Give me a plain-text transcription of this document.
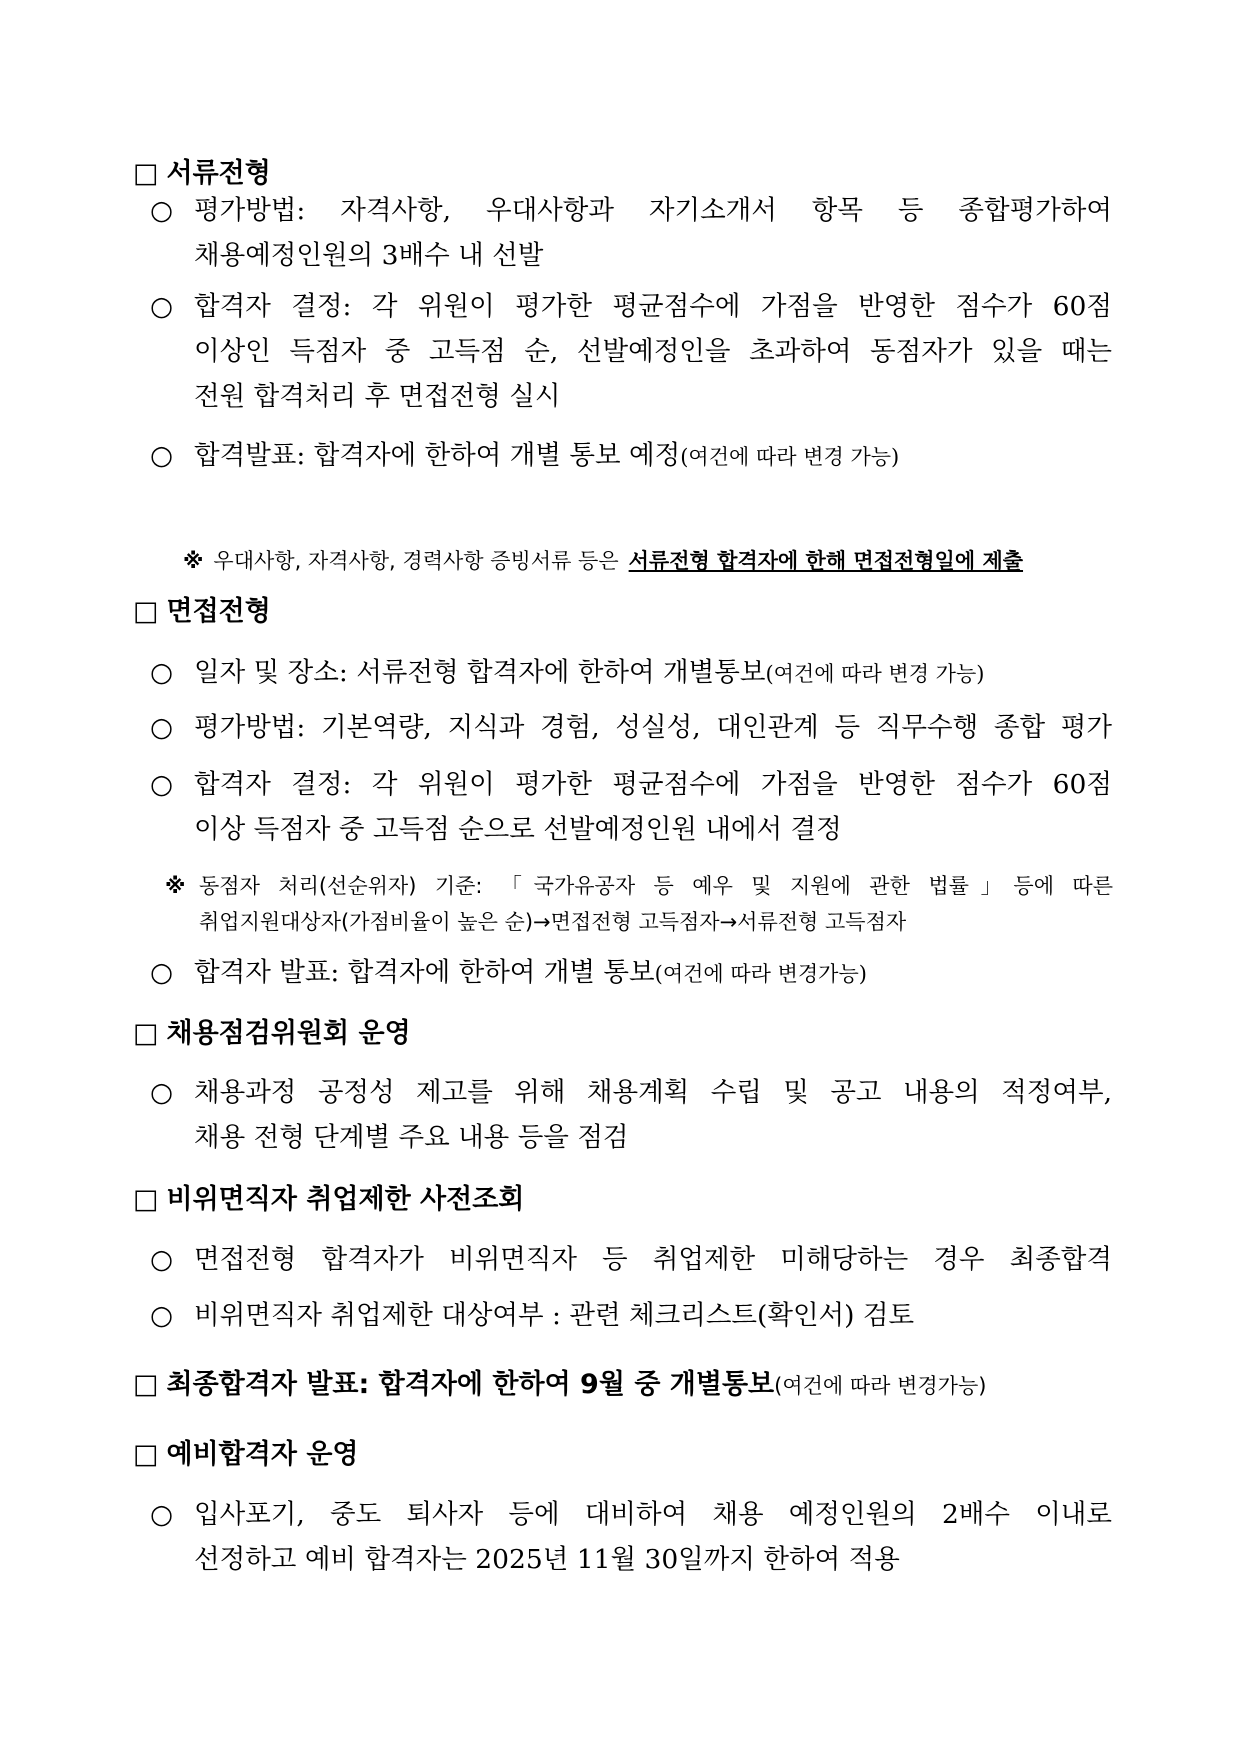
□ 서류전형
○ 평가방법: 자격사항, 우대사항과 자기소개서 항목 등 종합평가하여
채용예정인원의 3배수 내 선발
○ 합격자 결정: 각 위원이 평가한 평균점수에 가점을 반영한 점수가 60점
이상인 득점자 중 고득점 순, 선발예정인을 초과하여 동점자가 있을 때는
전원 합격처리 후 면접전형 실시
○ 합격발표: 합격자에 한하여 개별 통보 예정(여건에 따라 변경 가능)
※ 우대사항, 자격사항, 경력사항 증빙서류 등은 서류전형 합격자에 한해 면접전형일에 제출
□ 면접전형
○ 일자 및 장소: 서류전형 합격자에 한하여 개별통보(여건에 따라 변경 가능)
○ 평가방법: 기본역량, 지식과 경험, 성실성, 대인관계 등 직무수행 종합 평가
○ 합격자 결정: 각 위원이 평가한 평균점수에 가점을 반영한 점수가 60점
이상 득점자 중 고득점 순으로 선발예정인원 내에서 결정
※ 동점자 처리(선순위자) 기준: 「국가유공자 등 예우 및 지원에 관한 법률」등에 따른
취업지원대상자(가점비율이 높은 순)→면접전형 고득점자→서류전형 고득점자
○ 합격자 발표: 합격자에 한하여 개별 통보(여건에 따라 변경가능)
□ 채용점검위원회 운영
○ 채용과정 공정성 제고를 위해 채용계획 수립 및 공고 내용의 적정여부,
채용 전형 단계별 주요 내용 등을 점검
□ 비위면직자 취업제한 사전조회
○ 면접전형 합격자가 비위면직자 등 취업제한 미해당하는 경우 최종합격
○ 비위면직자 취업제한 대상여부 : 관련 체크리스트(확인서) 검토
□ 최종합격자 발표: 합격자에 한하여 9월 중 개별통보(여건에 따라 변경가능)
□ 예비합격자 운영
○ 입사포기, 중도 퇴사자 등에 대비하여 채용 예정인원의 2배수 이내로
선정하고 예비 합격자는 2025년 11월 30일까지 한하여 적용
